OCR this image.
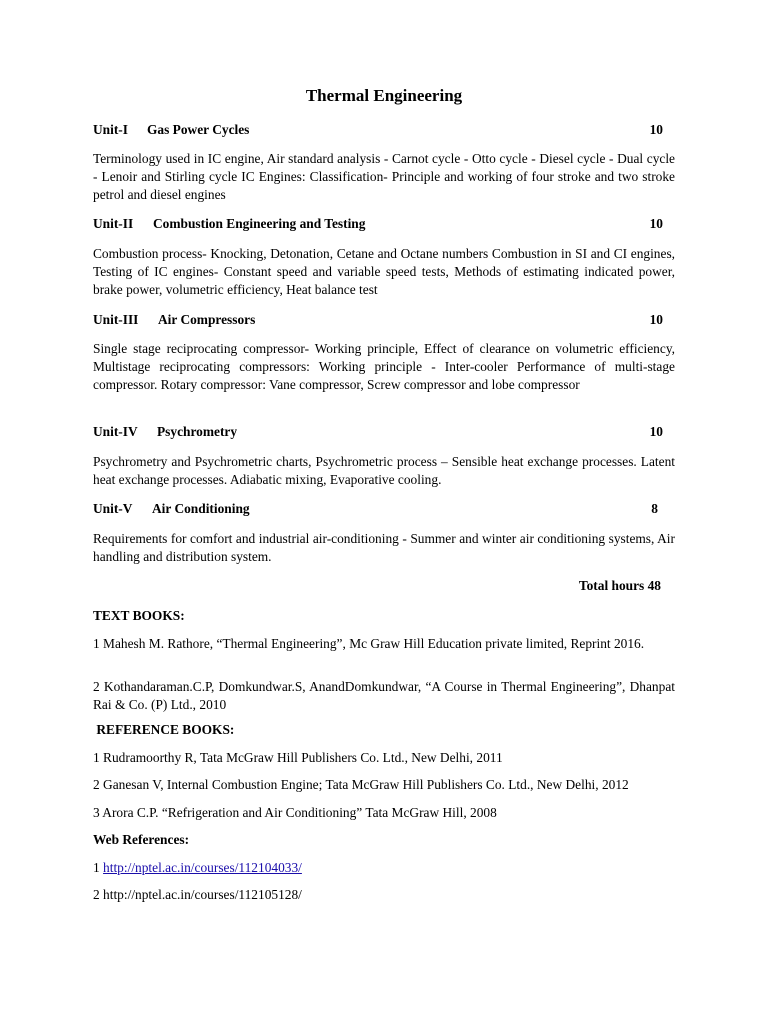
Thermal Engineering
Unit-I Gas Power Cycles	10
Terminology used in IC engine, Air standard analysis - Carnot cycle - Otto cycle - Diesel cycle - Dual cycle - Lenoir and Stirling cycle IC Engines: Classification- Principle and working of four stroke and two stroke petrol and diesel engines
Unit-II Combustion Engineering and Testing	10
Combustion process- Knocking, Detonation, Cetane and Octane numbers Combustion in SI and CI engines, Testing of IC engines- Constant speed and variable speed tests, Methods of estimating indicated power, brake power, volumetric efficiency, Heat balance test
Unit-III Air Compressors	10
Single stage reciprocating compressor- Working principle, Effect of clearance on volumetric efficiency, Multistage reciprocating compressors: Working principle - Inter-cooler Performance of multi-stage compressor. Rotary compressor: Vane compressor, Screw compressor and lobe compressor
Unit-IV Psychrometry	10
Psychrometry and Psychrometric charts, Psychrometric process – Sensible heat exchange processes. Latent heat exchange processes. Adiabatic mixing, Evaporative cooling.
Unit-V Air Conditioning	8
Requirements for comfort and industrial air-conditioning - Summer and winter air conditioning systems, Air handling and distribution system.
Total hours 48
TEXT BOOKS:
1 Mahesh M. Rathore, “Thermal Engineering”, Mc Graw Hill Education private limited, Reprint 2016.
2 Kothandaraman.C.P, Domkundwar.S, AnandDomkundwar, “A Course in Thermal Engineering”, Dhanpat Rai & Co. (P) Ltd., 2010
REFERENCE BOOKS:
1 Rudramoorthy R, Tata McGraw Hill Publishers Co. Ltd., New Delhi, 2011
2 Ganesan V, Internal Combustion Engine; Tata McGraw Hill Publishers Co. Ltd., New Delhi, 2012
3 Arora C.P. “Refrigeration and Air Conditioning” Tata McGraw Hill, 2008
Web References:
1 http://nptel.ac.in/courses/112104033/
2 http://nptel.ac.in/courses/112105128/
